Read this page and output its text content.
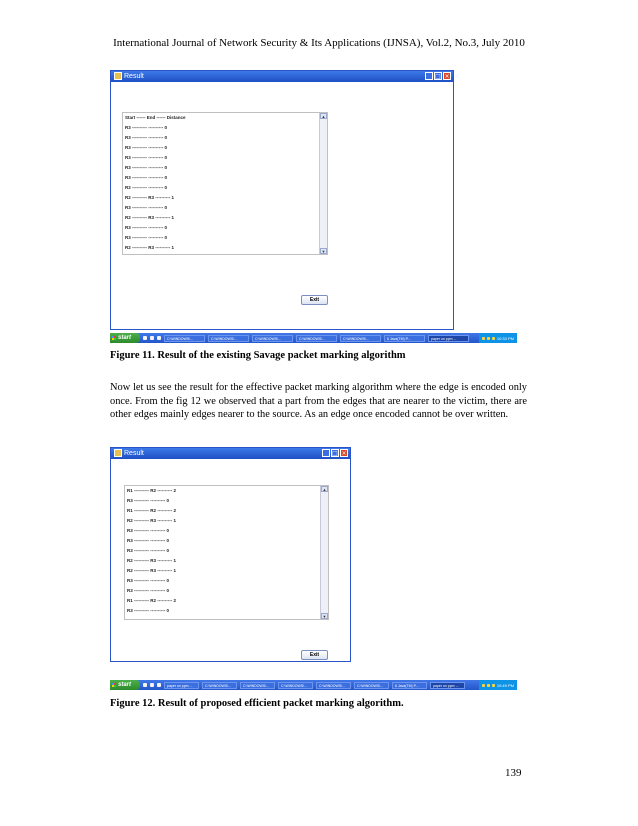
International Journal of Network Security & Its Applications (IJNSA), Vol.2, No.3, July 2010
Result	_ □ ×
Start ------ End ------ Distance
R3 ---------- ---------- 0
R3 ---------- ---------- 0
R3 ---------- ---------- 0
R3 ---------- ---------- 0
R3 ---------- ---------- 0
R3 ---------- ---------- 0
R2 ---------- ---------- 0
R2 ---------- R3 ---------- 1
R3 ---------- ---------- 0
R2 ---------- R3 ---------- 1
R3 ---------- ---------- 0
R3 ---------- ---------- 0
R2 ---------- R3 ---------- 1
▲
▼
Exit
start	C:\WINDOWS\...	C:\WINDOWS\...	C:\WINDOWS\...	C:\WINDOWS\...	C:\WINDOWS\...	6 Java(TM) P...	paper on ppm ...	10:33 PM
Figure 11. Result of the existing Savage packet marking algorithm
Now let us see the result for the effective packet marking algorithm where the edge is encoded only once. From the fig 12 we observed that a part from the edges that are nearer to the victim, there are other edges mainly edges nearer to the source. As an edge once encoded cannot be over written.
Result	_ □ ×
R1 ---------- R2 ---------- 2
R3 ---------- ---------- 0
R1 ---------- R2 ---------- 2
R2 ---------- R3 ---------- 1
R3 ---------- ---------- 0
R3 ---------- ---------- 0
R3 ---------- ---------- 0
R2 ---------- R3 ---------- 1
R2 ---------- R3 ---------- 1
R3 ---------- ---------- 0
R3 ---------- ---------- 0
R1 ---------- R2 ---------- 2
R3 ---------- ---------- 0
▲
▼
Exit
start	paper on ppm ...	C:\WINDOWS\...	C:\WINDOWS\...	C:\WINDOWS\...	C:\WINDOWS\...	C:\WINDOWS\...	6 Java(TM) P...	paper on ppm ...	10:49 PM
Figure 12. Result of proposed efficient packet marking algorithm.
139
